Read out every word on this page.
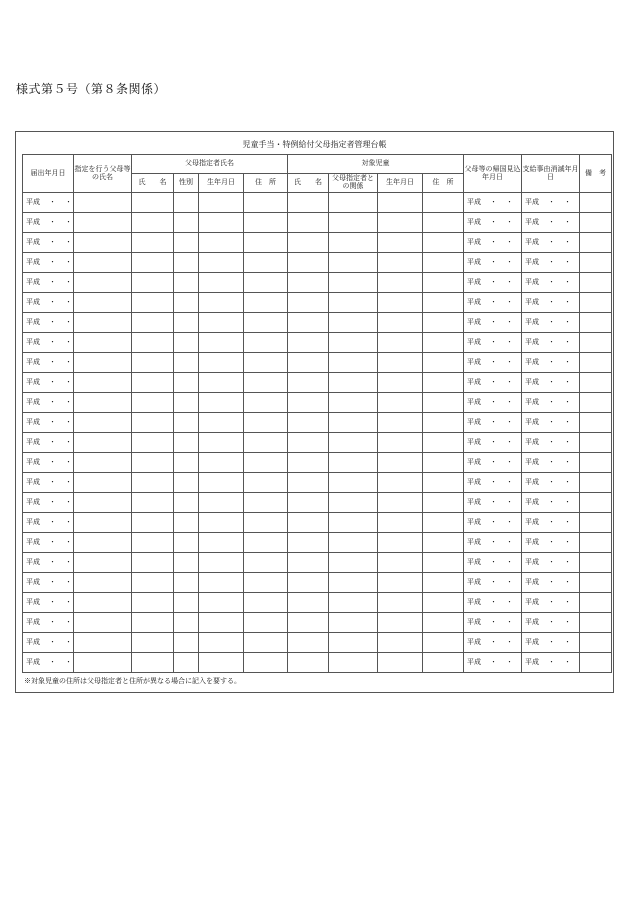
様式第５号（第８条関係）
児童手当・特例給付父母指定者管理台帳
届出年月日	指定を行う父母等の氏名	父母指定者氏名				対象児童				父母等の帰国見込年月日	支給事由消滅年月日	備　考
		氏　　名	性別	生年月日	住　所	氏　　名	父母指定者との関係	生年月日	住　所			
平成 ・　・										平成 ・　・	平成 ・　・	
平成 ・　・										平成 ・　・	平成 ・　・	
平成 ・　・										平成 ・　・	平成 ・　・	
平成 ・　・										平成 ・　・	平成 ・　・	
平成 ・　・										平成 ・　・	平成 ・　・	
平成 ・　・										平成 ・　・	平成 ・　・	
平成 ・　・										平成 ・　・	平成 ・　・	
平成 ・　・										平成 ・　・	平成 ・　・	
平成 ・　・										平成 ・　・	平成 ・　・	
平成 ・　・										平成 ・　・	平成 ・　・	
平成 ・　・										平成 ・　・	平成 ・　・	
平成 ・　・										平成 ・　・	平成 ・　・	
平成 ・　・										平成 ・　・	平成 ・　・	
平成 ・　・										平成 ・　・	平成 ・　・	
平成 ・　・										平成 ・　・	平成 ・　・	
平成 ・　・										平成 ・　・	平成 ・　・	
平成 ・　・										平成 ・　・	平成 ・　・	
平成 ・　・										平成 ・　・	平成 ・　・	
平成 ・　・										平成 ・　・	平成 ・　・	
平成 ・　・										平成 ・　・	平成 ・　・	
平成 ・　・										平成 ・　・	平成 ・　・	
平成 ・　・										平成 ・　・	平成 ・　・	
平成 ・　・										平成 ・　・	平成 ・　・	
平成 ・　・										平成 ・　・	平成 ・　・	
※対象児童の住所は父母指定者と住所が異なる場合に記入を要する。
